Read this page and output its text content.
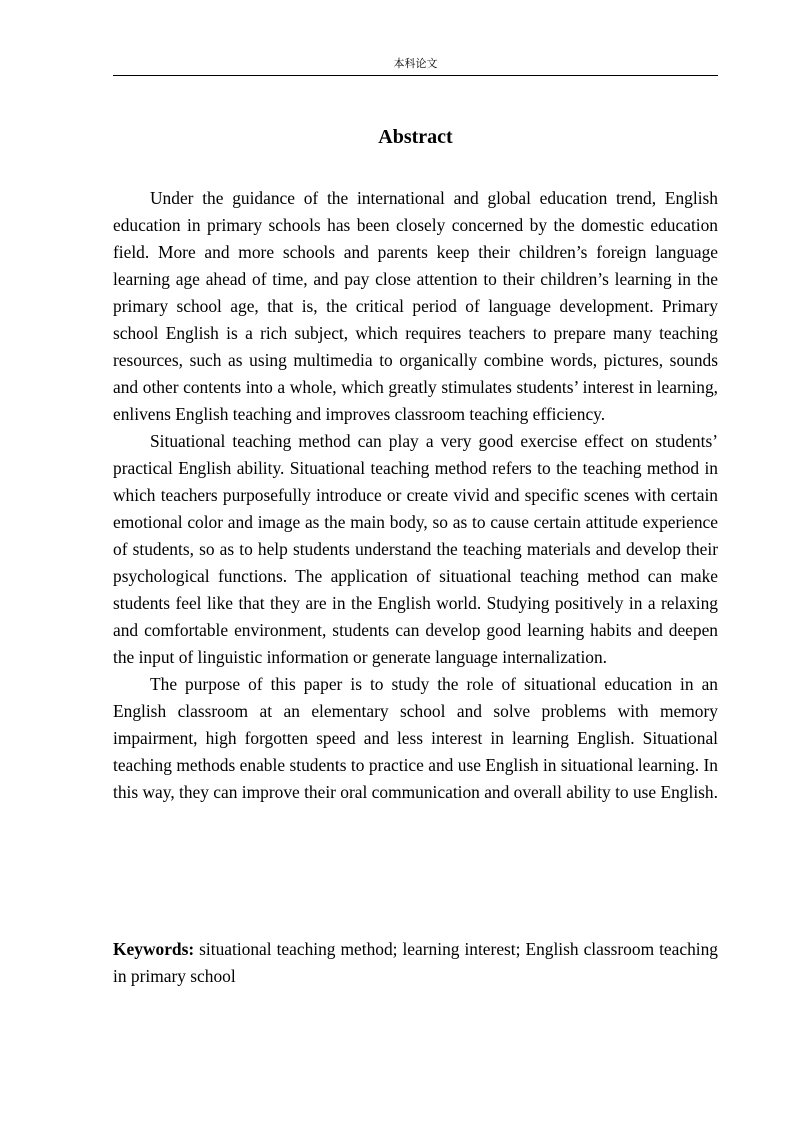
本科论文
Abstract

Under the guidance of the international and global education trend, English education in primary schools has been closely concerned by the domestic education field. More and more schools and parents keep their children’s foreign language learning age ahead of time, and pay close attention to their children’s learning in the primary school age, that is, the critical period of language development. Primary school English is a rich subject, which requires teachers to prepare many teaching resources, such as using multimedia to organically combine words, pictures, sounds and other contents into a whole, which greatly stimulates students’ interest in learning, enlivens English teaching and improves classroom teaching efficiency.

Situational teaching method can play a very good exercise effect on students’ practical English ability. Situational teaching method refers to the teaching method in which teachers purposefully introduce or create vivid and specific scenes with certain emotional color and image as the main body, so as to cause certain attitude experience of students, so as to help students understand the teaching materials and develop their psychological functions. The application of situational teaching method can make students feel like that they are in the English world. Studying positively in a relaxing and comfortable environment, students can develop good learning habits and deepen the input of linguistic information or generate language internalization.

The purpose of this paper is to study the role of situational education in an English classroom at an elementary school and solve problems with memory impairment, high forgotten speed and less interest in learning English. Situational teaching methods enable students to practice and use English in situational learning. In this way, they can improve their oral communication and overall ability to use English.

Keywords: situational teaching method; learning interest; English classroom teaching in primary school
